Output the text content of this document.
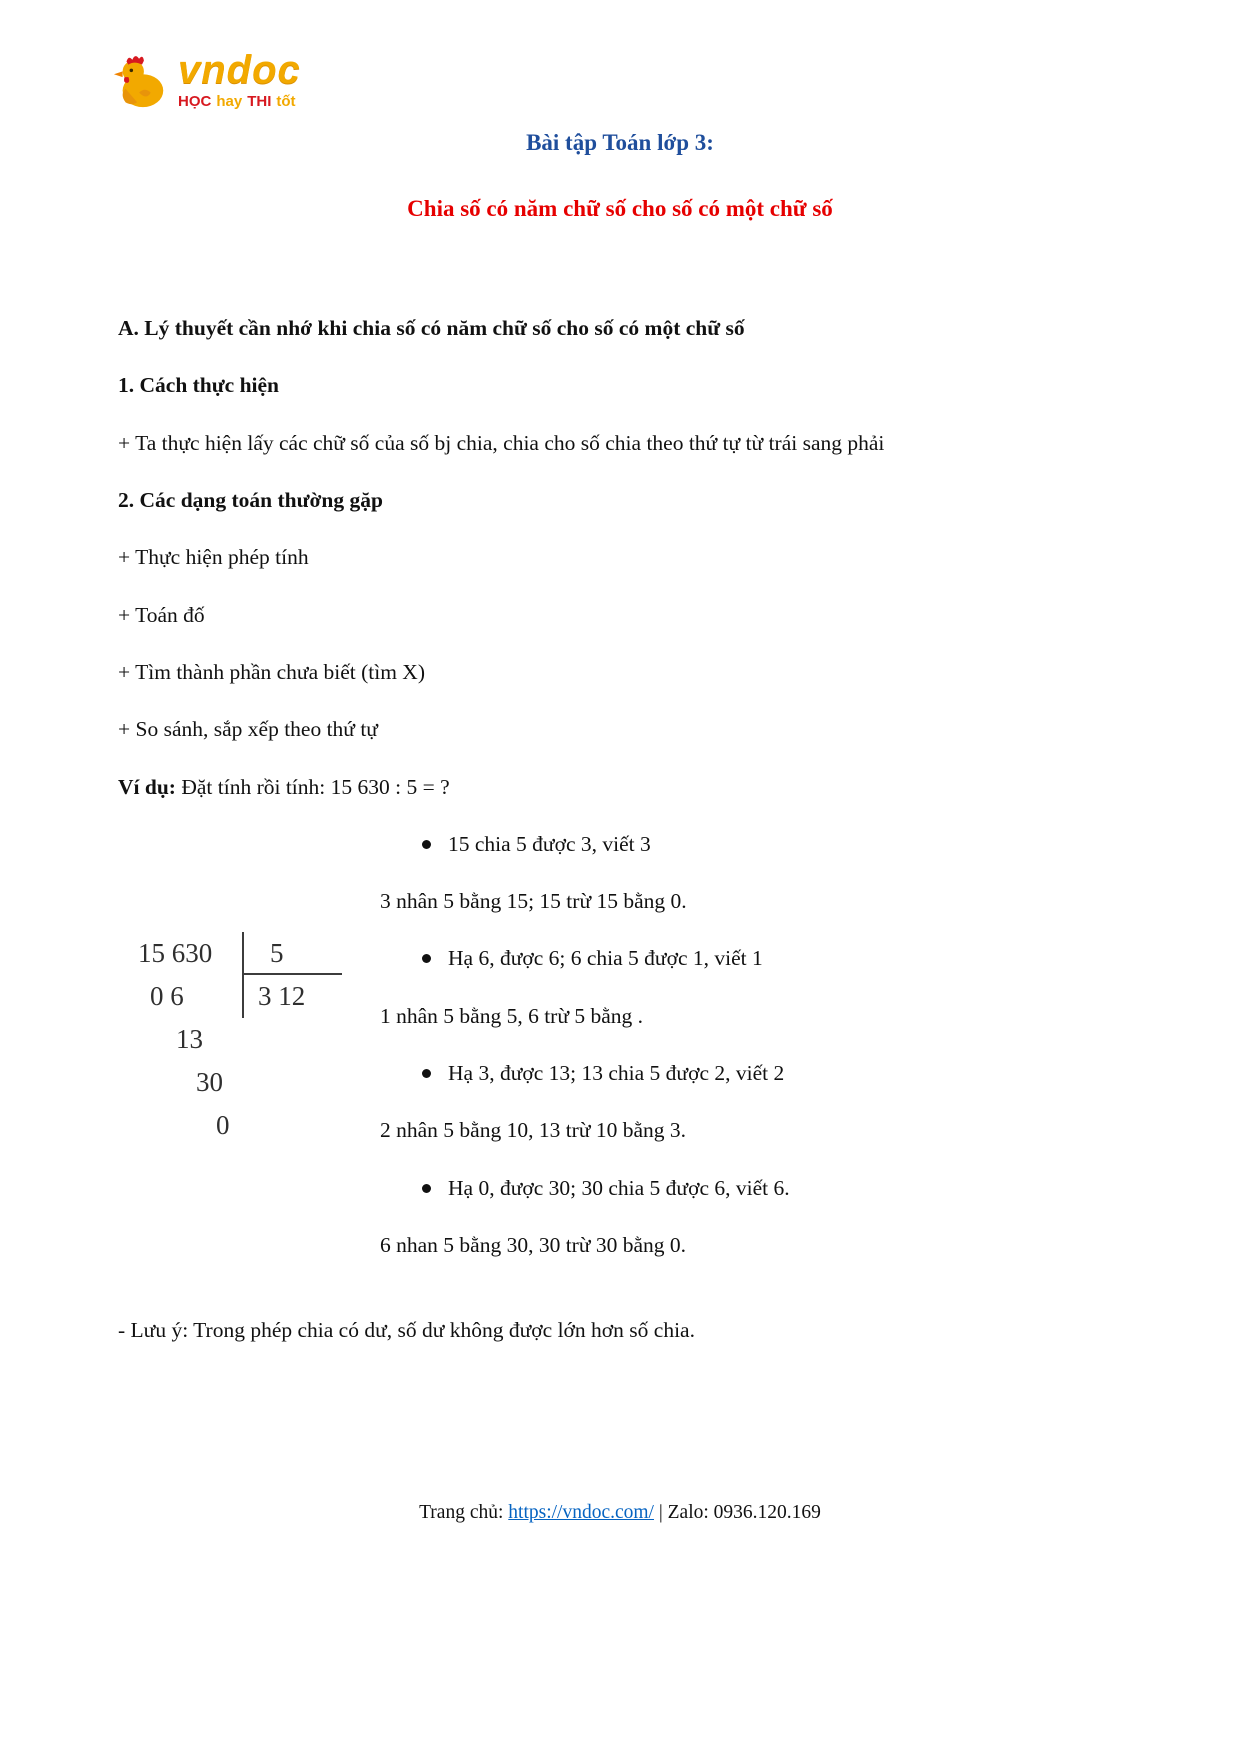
vndoc
HỌC hay THI tốt
Bài tập Toán lớp 3:
Chia số có năm chữ số cho số có một chữ số

A. Lý thuyết cần nhớ khi chia số có năm chữ số cho số có một chữ số

1. Cách thực hiện

+ Ta thực hiện lấy các chữ số của số bj chia, chia cho số chia theo thứ tự từ trái sang phải

2. Các dạng toán thường gặp

+ Thực hiện phép tính

+ Toán đố

+ Tìm thành phần chưa biết (tìm X)

+ So sánh, sắp xếp theo thứ tự

Ví dụ: Đặt tính rồi tính: 15 630 : 5 = ?

15 630	5
0 6	3 12
13
30
0
15 chia 5 được 3, viết 3
3 nhân 5 bằng 15; 15 trừ 15 bằng 0.
Hạ 6, được 6; 6 chia 5 được 1, viết 1
1 nhân 5 bằng 5, 6 trừ 5 bằng .
Hạ 3, được 13; 13 chia 5 được 2, viết 2
2 nhân 5 bằng 10, 13 trừ 10 bằng 3.
Hạ 0, được 30; 30 chia 5 được 6, viết 6.
6 nhan 5 bằng 30, 30 trừ 30 bằng 0.

- Lưu ý: Trong phép chia có dư, số dư không được lớn hơn số chia.

Trang chủ: https://vndoc.com/ | Zalo: 0936.120.169
